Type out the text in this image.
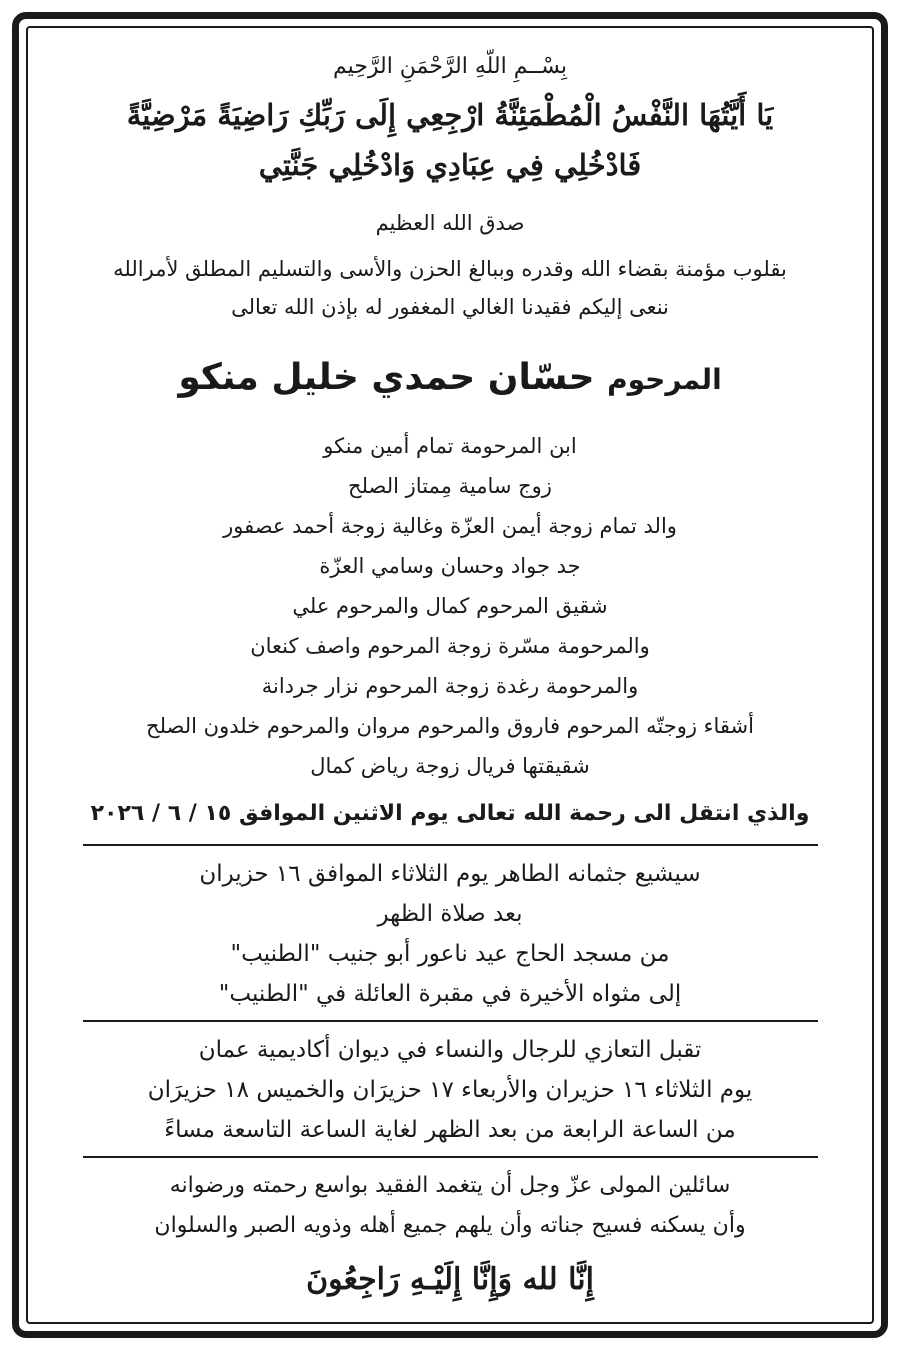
بِسْــمِ اللّهِ الرَّحْمَنِ الرَّحِيم
يَا أَيَّتُهَا النَّفْسُ الْمُطْمَئِنَّةُ ارْجِعِي إِلَى رَبِّكِ رَاضِيَةً مَرْضِيَّةً
فَادْخُلِي فِي عِبَادِي وَادْخُلِي جَنَّتِي
صدق الله العظيم
بقلوب مؤمنة بقضاء الله وقدره وببالغ الحزن والأسى والتسليم المطلق لأمرالله
ننعى إليكم فقيدنا الغالي المغفور له بإذن الله تعالى
المرحوم حسّان حمدي خليل منكو
ابن المرحومة تمام أمين منكو
زوج سامية مِمتاز الصلح
والد تمام زوجة أيمن العزّة وغالية زوجة أحمد عصفور
جد جواد وحسان وسامي العزّة
شقيق المرحوم كمال والمرحوم علي
والمرحومة مسّرة زوجة المرحوم واصف كنعان
والمرحومة رغدة زوجة المرحوم نزار جردانة
أشقاء زوجتّه المرحوم فاروق والمرحوم مروان والمرحوم خلدون الصلح
شقيقتها فريال زوجة رياض كمال
والذي انتقل الى رحمة الله تعالى يوم الاثنين الموافق ١٥ / ٦ / ٢٠٢٦
سيشيع جثمانه الطاهر يوم الثلاثاء الموافق ١٦ حزيران
بعد صلاة الظهر
من مسجد الحاج عيد ناعور أبو جنيب "الطنيب"
إلى مثواه الأخيرة في مقبرة العائلة في "الطنيب"
تقبل التعازي للرجال والنساء في ديوان أكاديمية عمان
يوم الثلاثاء ١٦ حزيران والأربعاء ١٧ حزيرَان والخميس ١٨ حزيرَان
من الساعة الرابعة من بعد الظهر لغاية الساعة التاسعة مساءً
سائلين المولى عزّ وجل أن يتغمد الفقيد بواسع رحمته ورضوانه
وأن يسكنه فسيح جناته وأن يلهم جميع أهله وذويه الصبر والسلوان
إِنَّا لله وَإِنَّا إِلَيْـهِ رَاجِعُونَ
